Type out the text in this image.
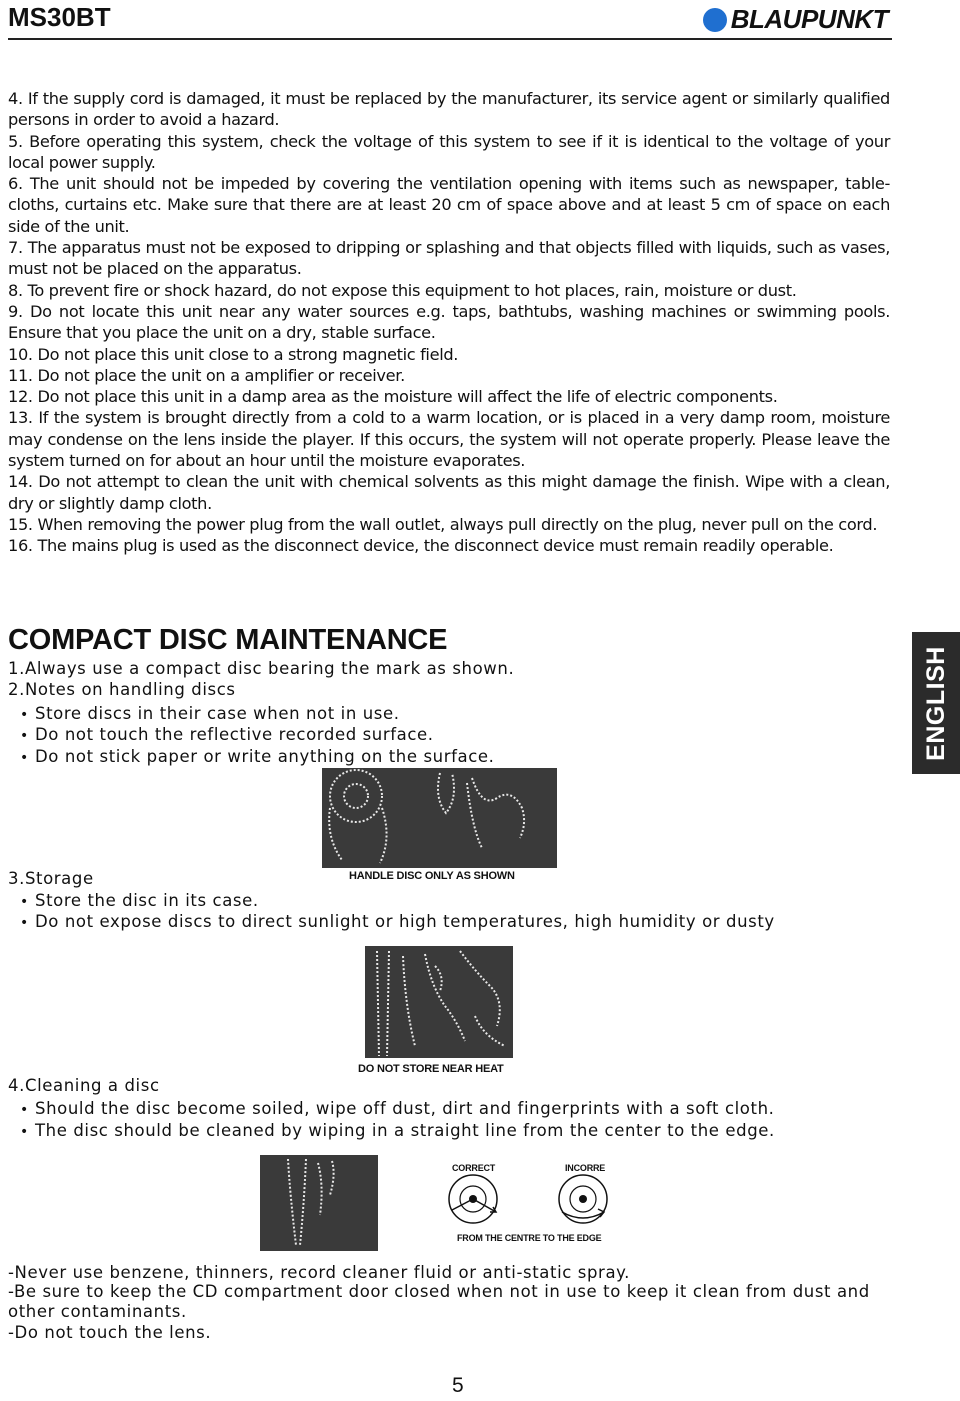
MS30BT	BLAUPUNKT

4. If the supply cord is damaged, it must be replaced by the manufacturer, its service agent or similarly qualified persons in order to avoid a hazard.

5. Before operating this system, check the voltage of this system to see if it is identical to the voltage of your local power supply.

6. The unit should not be impeded by covering the ventilation opening with items such as newspaper, table-cloths, curtains etc. Make sure that there are at least 20 cm of space above and at least 5 cm of space on each side of the unit.

7. The apparatus must not be exposed to dripping or splashing and that objects filled with liquids, such as vases, must not be placed on the apparatus.

8. To prevent fire or shock hazard, do not expose this equipment to hot places, rain, moisture or dust.

9. Do not locate this unit near any water sources e.g. taps, bathtubs, washing machines or swimming pools. Ensure that you place the unit on a dry, stable surface.

10. Do not place this unit close to a strong magnetic field.

11. Do not place the unit on a amplifier or receiver.

12. Do not place this unit in a damp area as the moisture will affect the life of electric components.

13. If the system is brought directly from a cold to a warm location, or is placed in a very damp room, moisture may condense on the lens inside the player. If this occurs, the system will not operate properly. Please leave the system turned on for about an hour until the moisture evaporates.

14. Do not attempt to clean the unit with chemical solvents as this might damage the finish. Wipe with a clean, dry or slightly damp cloth.

15. When removing the power plug from the wall outlet, always pull directly on the plug, never pull on the cord.

16. The mains plug is used as the disconnect device, the disconnect device must remain readily operable.

ENGLISH
COMPACT DISC MAINTENANCE
1.Always use a compact disc bearing the mark as shown.
2.Notes on handling discs
• Store discs in their case when not in use.
• Do not touch the reflective recorded surface.
• Do not stick paper or write anything on the surface.
HANDLE DISC ONLY AS SHOWN
3.Storage
• Store the disc in its case.
• Do not expose discs to direct sunlight or high temperatures, high humidity or dusty
DO NOT STORE NEAR HEAT
4.Cleaning a disc
• Should the disc become soiled, wipe off dust, dirt and fingerprints with a soft cloth.
• The disc should be cleaned by wiping in a straight line from the center to the edge.
CORRECT	INCORRE
FROM THE CENTRE TO THE EDGE
-Never use benzene, thinners, record cleaner fluid or anti-static spray.
-Be sure to keep the CD compartment door closed when not in use to keep it clean from dust and other contaminants.
-Do not touch the lens.
5
